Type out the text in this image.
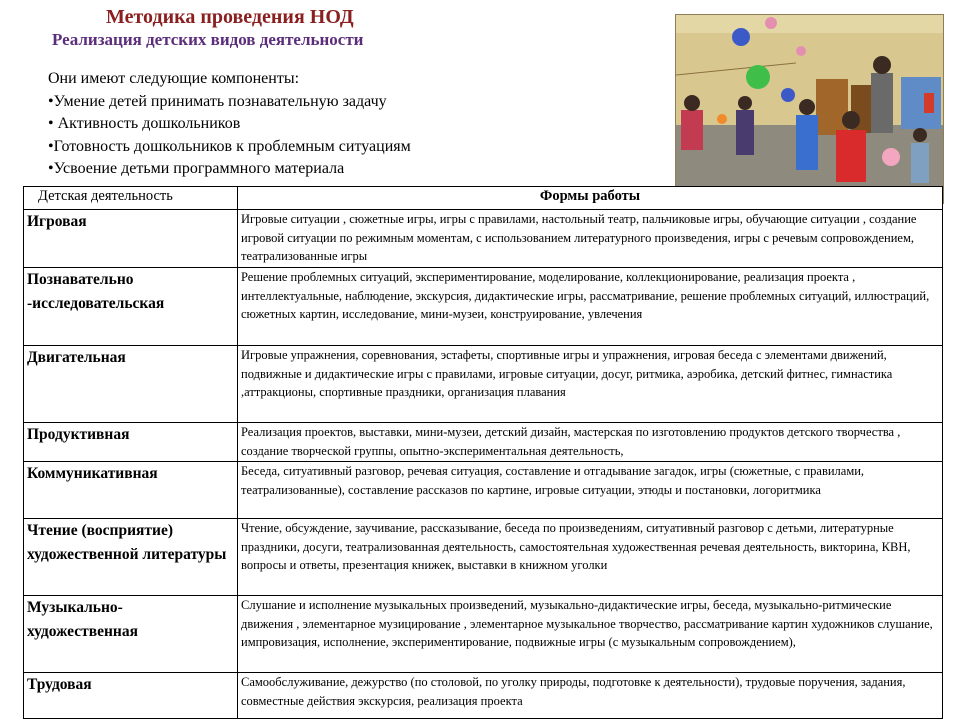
Методика проведения НОД
Реализация детских видов деятельности
Они имеют следующие компоненты:
• Умение детей принимать познавательную задачу
• Активность дошкольников
• Готовность дошкольников к проблемным ситуациям
• Усвоение детьми программного материала
Детская деятельность	Формы работы
Игровая	Игровые ситуации , сюжетные игры, игры с правилами, настольный театр, пальчиковые игры, обучающие ситуации , создание игровой ситуации по режимным моментам, с использованием литературного произведения, игры с речевым сопровождением, театрализованные игры
Познавательно -исследовательская	Решение проблемных ситуаций, экспериментирование, моделирование, коллекционирование, реализация проекта , интеллектуальные, наблюдение, экскурсия, дидактические игры, рассматривание, решение проблемных ситуаций, иллюстраций, сюжетных картин, исследование, мини-музеи, конструирование, увлечения
Двигательная	Игровые упражнения, соревнования, эстафеты, спортивные игры и упражнения, игровая беседа с элементами движений, подвижные и дидактические игры с правилами, игровые ситуации, досуг, ритмика, аэробика, детский фитнес, гимнастика ,аттракционы, спортивные праздники, организация плавания
Продуктивная	Реализация проектов, выставки, мини-музеи, детский дизайн, мастерская по изготовлению продуктов детского творчества , создание творческой группы, опытно-экспериментальная деятельность,
Коммуникативная	Беседа, ситуативный разговор, речевая ситуация, составление и отгадывание загадок, игры (сюжетные, с правилами, театрализованные), составление рассказов по картине, игровые ситуации, этюды и постановки, логоритмика
Чтение (восприятие) художественной литературы	Чтение, обсуждение, заучивание, рассказывание, беседа по произведениям, ситуативный разговор с детьми, литературные праздники, досуги, театрализованная деятельность, самостоятельная художественная речевая деятельность, викторина, КВН, вопросы и ответы, презентация книжек, выставки в книжном уголки
Музыкально- художественная	Слушание и исполнение музыкальных произведений, музыкально-дидактические игры, беседа, музыкально-ритмические движения , элементарное музицирование , элементарное музыкальное творчество, рассматривание картин художников слушание, импровизация, исполнение, экспериментирование, подвижные игры (с музыкальным сопровождением),
Трудовая	Самообслуживание, дежурство (по столовой, по уголку природы, подготовке к деятельности), трудовые поручения, задания, совместные действия экскурсия, реализация проекта
